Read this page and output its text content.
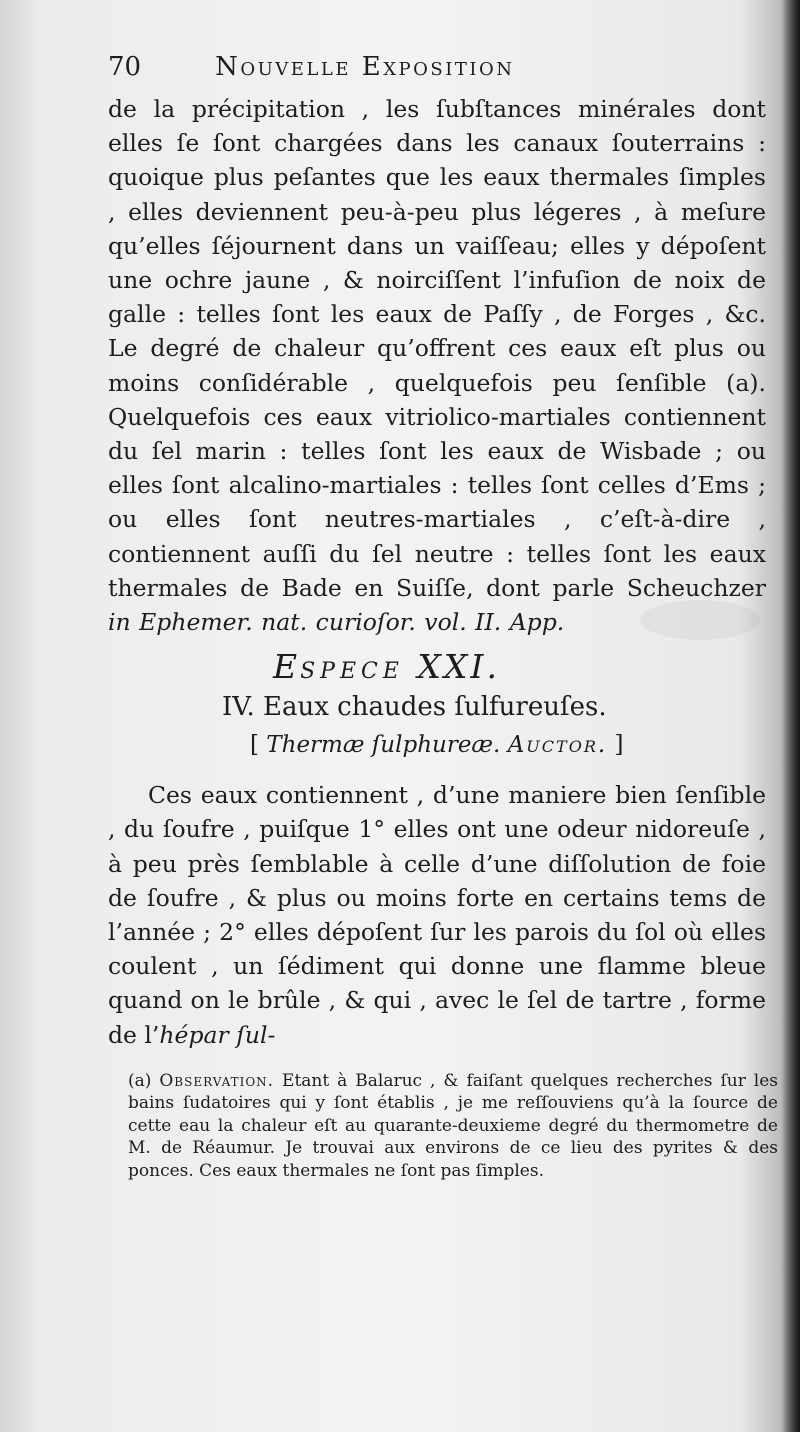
70	Nouvelle Exposition

de la précipitation , les ſubſtances minérales dont elles ſe ſont chargées dans les canaux ſouterrains : quoique plus peſantes que les eaux thermales ſimples , elles deviennent peu-à-peu plus légeres , à meſure qu’elles ſéjournent dans un vaiſſeau; elles y dépoſent une ochre jaune , & noirciſſent l’infuſion de noix de galle : telles ſont les eaux de Paſſy , de Forges , &c. Le degré de chaleur qu’offrent ces eaux eſt plus ou moins conſidérable , quelquefois peu ſenſible (a). Quelquefois ces eaux vitriolico-martiales contiennent du ſel marin : telles ſont les eaux de Wisbade ; ou elles ſont alcalino-martiales : telles ſont celles d’Ems ; ou elles ſont neutres-martiales , c’eſt-à-dire , contiennent auſſi du ſel neutre : telles ſont les eaux thermales de Bade en Suiſſe, dont parle Scheuchzer in Ephemer. nat. curioſor. vol. II. App.

ESPECE XXI.
IV. Eaux chaudes ſulfureuſes.
[ Thermæ ſulphureæ. Auctor. ]

Ces eaux contiennent , d’une maniere bien ſenſible , du ſoufre , puiſque 1° elles ont une odeur nidoreuſe , à peu près ſemblable à celle d’une diſſolution de foie de ſoufre , & plus ou moins forte en certains tems de l’année ; 2° elles dépoſent ſur les parois du ſol où elles coulent , un ſédiment qui donne une flamme bleue quand on le brûle , & qui , avec le ſel de tartre , forme de l’hépar ſul-

(a) Observation. Etant à Balaruc , & faiſant quelques recherches ſur les bains ſudatoires qui y ſont établis , je me reſſouviens qu’à la ſource de cette eau la chaleur eſt au quarante-deuxieme degré du thermometre de M. de Réaumur. Je trouvai aux environs de ce lieu des pyrites & des ponces. Ces eaux thermales ne ſont pas ſimples.
